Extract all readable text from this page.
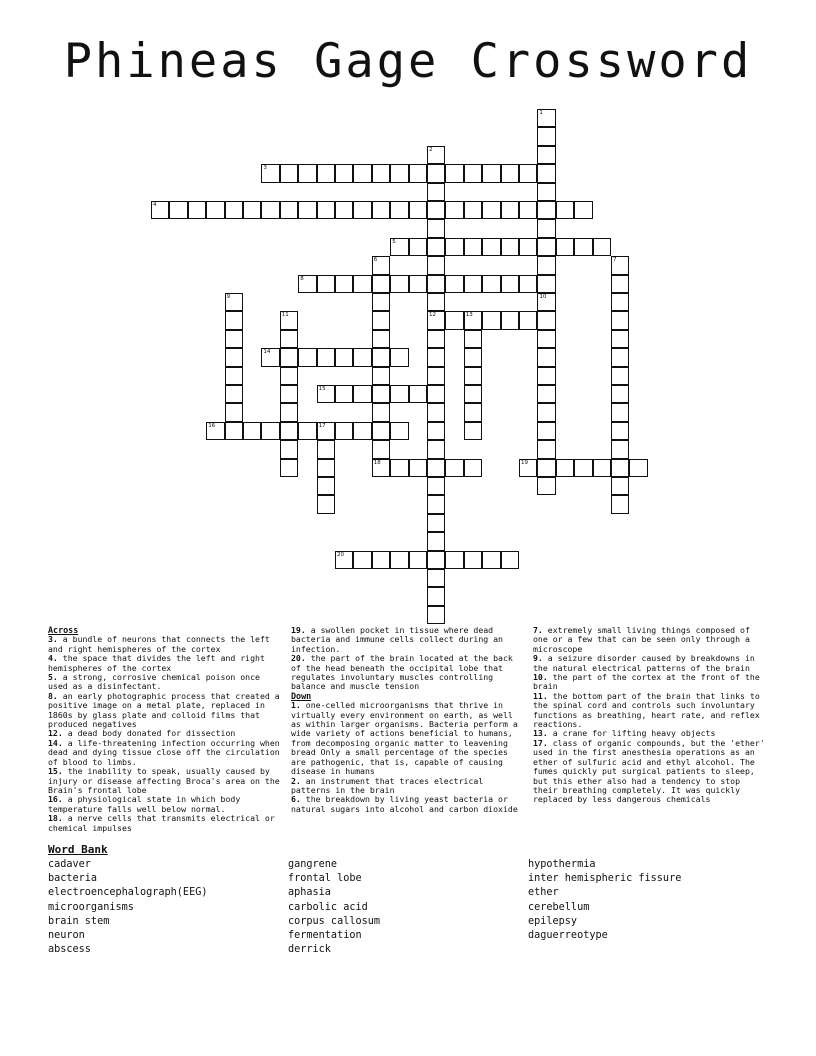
Phineas Gage Crossword
1
2
12
3
4
5
6
18
7
8
9	10
11	13
14
15
16	17
19
20
Across
3. a bundle of neurons that connects the left and right hemispheres of the cortex
4. the space that divides the left and right hemispheres of the cortex
5. a strong, corrosive chemical poison once used as a disinfectant.
8. an early photographic process that created a positive image on a metal plate, replaced in 1860s by glass plate and colloid films that produced negatives
12. a dead body donated for dissection
14. a life-threatening infection occurring when dead and dying tissue close off the circulation of blood to limbs.
15. the inability to speak, usually caused by injury or disease affecting Broca's area on the Brain's frontal lobe
16. a physiological state in which body temperature falls well below normal.
18. a nerve cells that transmits electrical or chemical impulses
19. a swollen pocket in tissue where dead bacteria and immune cells collect during an infection.
20. the part of the brain located at the back of the head beneath the occipital lobe that regulates involuntary muscles controlling balance and muscle tension
Down
1. one-celled microorganisms that thrive in virtually every environment on earth, as well as within larger organisms. Bacteria perform a wide variety of actions beneficial to humans, from decomposing organic matter to leavening bread Only a small percentage of the species are pathogenic, that is, capable of causing disease in humans
2. an instrument that traces electrical patterns in the brain
6. the breakdown by living yeast bacteria or natural sugars into alcohol and carbon dioxide
7. extremely small living things composed of one or a few that can be seen only through a microscope
9. a seizure disorder caused by breakdowns in the natural electrical patterns of the brain
10. the part of the cortex at the front of the brain
11. the bottom part of the brain that links to the spinal cord and controls such involuntary functions as breathing, heart rate, and reflex reactions.
13. a crane for lifting heavy objects
17. class of organic compounds, but the 'ether' used in the first anesthesia operations as an ether of sulfuric acid and ethyl alcohol. The fumes quickly put surgical patients to sleep, but this ether also had a tendency to stop their breathing completely. It was quickly replaced by less dangerous chemicals
Word Bank
cadaver
bacteria
electroencephalograph(EEG)
microorganisms
brain stem
neuron
abscess
gangrene
frontal lobe
aphasia
carbolic acid
corpus callosum
fermentation
derrick
hypothermia
inter hemispheric fissure
ether
cerebellum
epilepsy
daguerreotype
